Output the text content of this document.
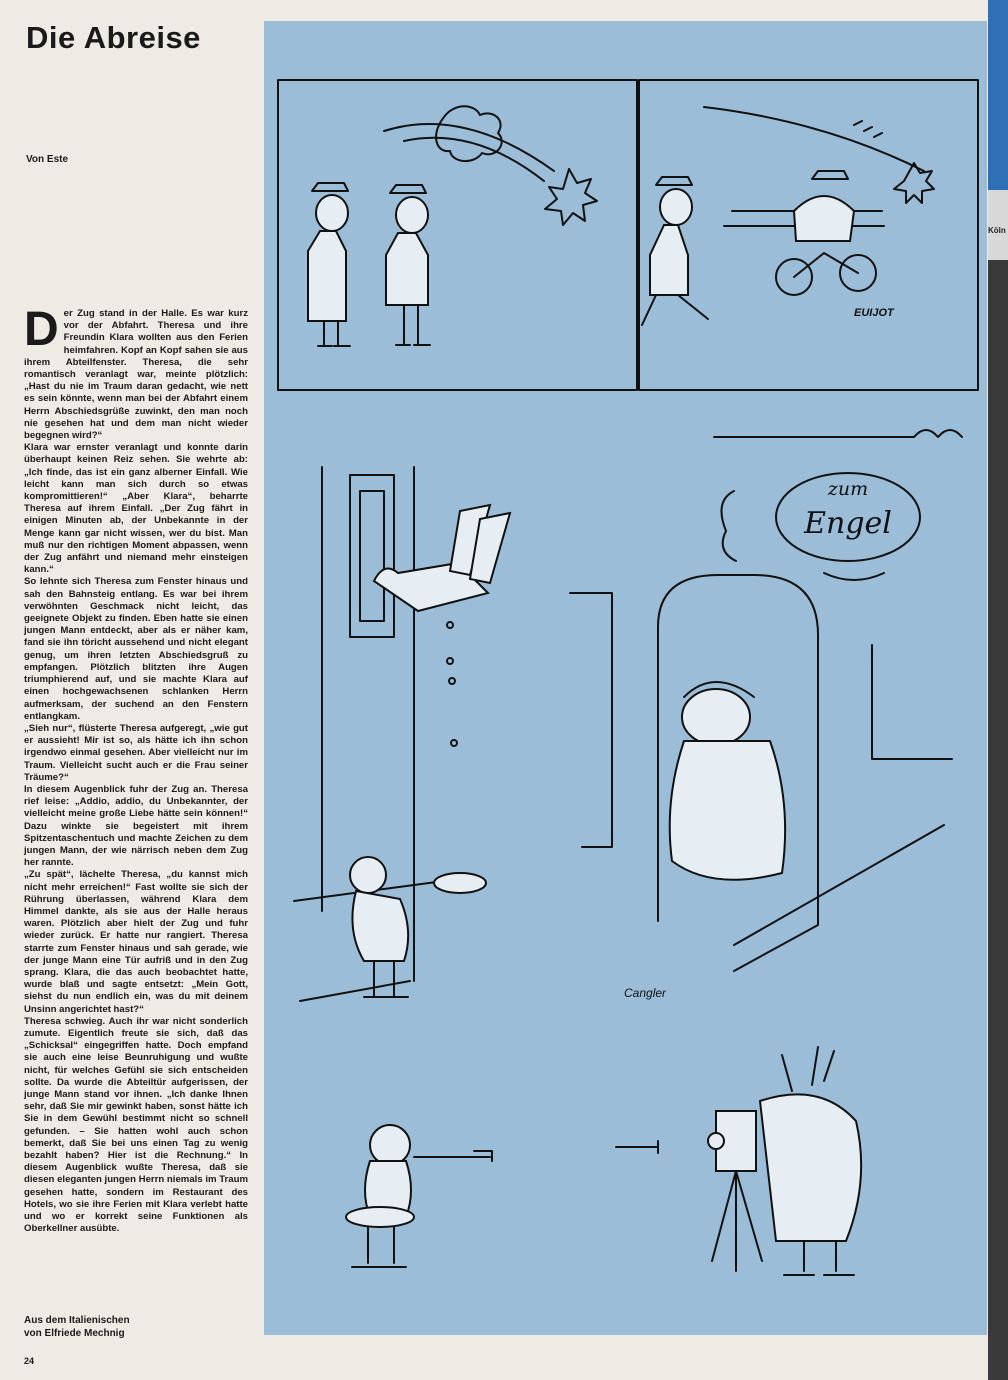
Die Abreise
Von Este
D er Zug stand in der Halle. Es war kurz vor der Abfahrt. Theresa und ihre Freundin Klara wollten aus den Ferien heimfahren. Kopf an Kopf sahen sie aus ihrem Abteilfenster. Theresa, die sehr romantisch veranlagt war, meinte plötzlich: „Hast du nie im Traum daran gedacht, wie nett es sein könnte, wenn man bei der Abfahrt einem Herrn Abschiedsgrüße zuwinkt, den man noch nie gesehen hat und dem man nicht wieder begegnen wird?“

Klara war ernster veranlagt und konnte darin überhaupt keinen Reiz sehen. Sie wehrte ab: „Ich finde, das ist ein ganz alberner Einfall. Wie leicht kann man sich durch so etwas kompromittieren!“ „Aber Klara“, beharrte Theresa auf ihrem Einfall. „Der Zug fährt in einigen Minuten ab, der Unbekannte in der Menge kann gar nicht wissen, wer du bist. Man muß nur den richtigen Moment abpassen, wenn der Zug anfährt und niemand mehr einsteigen kann.“

So lehnte sich Theresa zum Fenster hinaus und sah den Bahnsteig entlang. Es war bei ihrem verwöhnten Geschmack nicht leicht, das geeignete Objekt zu finden. Eben hatte sie einen jungen Mann entdeckt, aber als er näher kam, fand sie ihn töricht aussehend und nicht elegant genug, um ihren letzten Abschiedsgruß zu empfangen. Plötzlich blitzten ihre Augen triumphierend auf, und sie machte Klara auf einen hochgewachsenen schlanken Herrn aufmerksam, der suchend an den Fenstern entlangkam.

„Sieh nur“, flüsterte Theresa aufgeregt, „wie gut er aussieht! Mir ist so, als hätte ich ihn schon irgendwo einmal gesehen. Aber vielleicht nur im Traum. Vielleicht sucht auch er die Frau seiner Träume?“

In diesem Augenblick fuhr der Zug an. Theresa rief leise: „Addio, addio, du Unbekannter, der vielleicht meine große Liebe hätte sein können!“ Dazu winkte sie begeistert mit ihrem Spitzentaschentuch und machte Zeichen zu dem jungen Mann, der wie närrisch neben dem Zug her rannte.

„Zu spät“, lächelte Theresa, „du kannst mich nicht mehr erreichen!“ Fast wollte sie sich der Rührung überlassen, während Klara dem Himmel dankte, als sie aus der Halle heraus waren. Plötzlich aber hielt der Zug und fuhr wieder zurück. Er hatte nur rangiert. Theresa starrte zum Fenster hinaus und sah gerade, wie der junge Mann eine Tür aufriß und in den Zug sprang. Klara, die das auch beobachtet hatte, wurde blaß und sagte entsetzt: „Mein Gott, siehst du nun endlich ein, was du mit deinem Unsinn angerichtet hast?“

Theresa schwieg. Auch ihr war nicht sonderlich zumute. Eigentlich freute sie sich, daß das „Schicksal“ eingegriffen hatte. Doch empfand sie auch eine leise Beunruhigung und wußte nicht, für welches Gefühl sie sich entscheiden sollte. Da wurde die Abteiltür aufgerissen, der junge Mann stand vor ihnen. „Ich danke Ihnen sehr, daß Sie mir gewinkt haben, sonst hätte ich Sie in dem Gewühl bestimmt nicht so schnell gefunden. – Sie hatten wohl auch schon bemerkt, daß Sie bei uns einen Tag zu wenig bezahlt haben? Hier ist die Rechnung.“ In diesem Augenblick wußte Theresa, daß sie diesen eleganten jungen Herrn niemals im Traum gesehen hatte, sondern im Restaurant des Hotels, wo sie ihre Ferien mit Klara verlebt hatte und wo er korrekt seine Funktionen als Oberkellner ausübte.

Aus dem Italienischen
von Elfriede Mechnig
24
EUIJOT
zum
Engel
Cangler
Köln
